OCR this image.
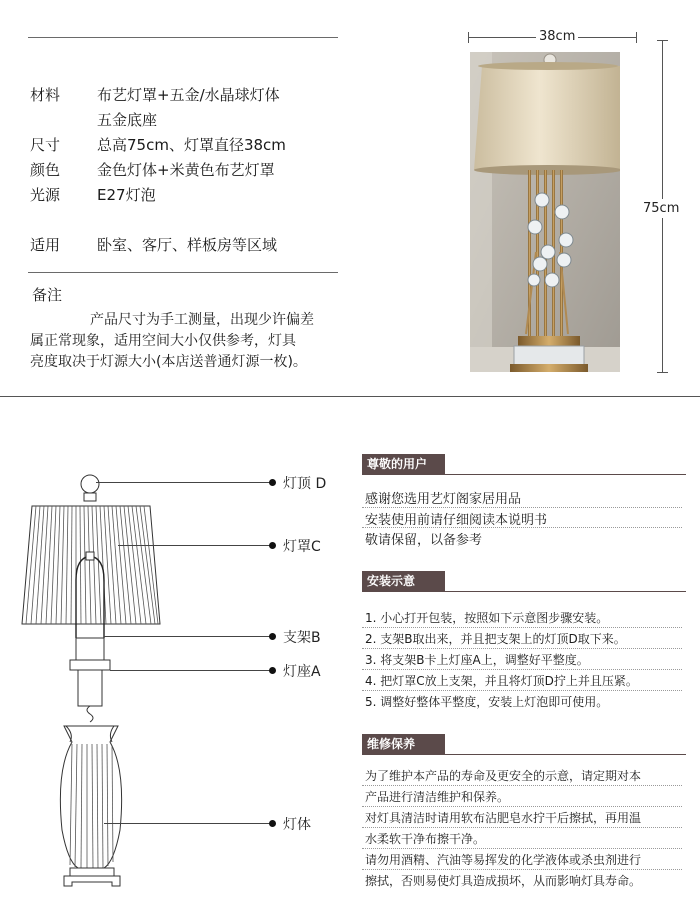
材料 布艺灯罩+五金/水晶球灯体
五金底座
尺寸 总高75cm、灯罩直径38cm
颜色 金色灯体+米黄色布艺灯罩
光源 E27灯泡
适用 卧室、客厅、样板房等区域
备注
产品尺寸为手工测量，出现少许偏差
属正常现象，适用空间大小仅供参考，灯具
亮度取决于灯源大小(本店送普通灯源一枚)。
38cm
75cm
灯顶 D
灯罩C
支架B
灯座A
灯体
尊敬的用户
感谢您选用艺灯阁家居用品
安装使用前请仔细阅读本说明书
敬请保留，以备参考
安装示意
1. 小心打开包装，按照如下示意图步骤安装。
2. 支架B取出来，并且把支架上的灯顶D取下来。
3. 将支架B卡上灯座A上，调整好平整度。
4. 把灯罩C放上支架，并且将灯顶D拧上并且压紧。
5. 调整好整体平整度，安装上灯泡即可使用。
维修保养
为了维护本产品的寿命及更安全的示意，请定期对本
产品进行清洁维护和保养。
对灯具清洁时请用软布沾肥皂水拧干后擦拭，再用温
水柔软干净布擦干净。
请勿用酒精、汽油等易挥发的化学液体或杀虫剂进行
擦拭，否则易使灯具造成损坏，从而影响灯具寿命。
